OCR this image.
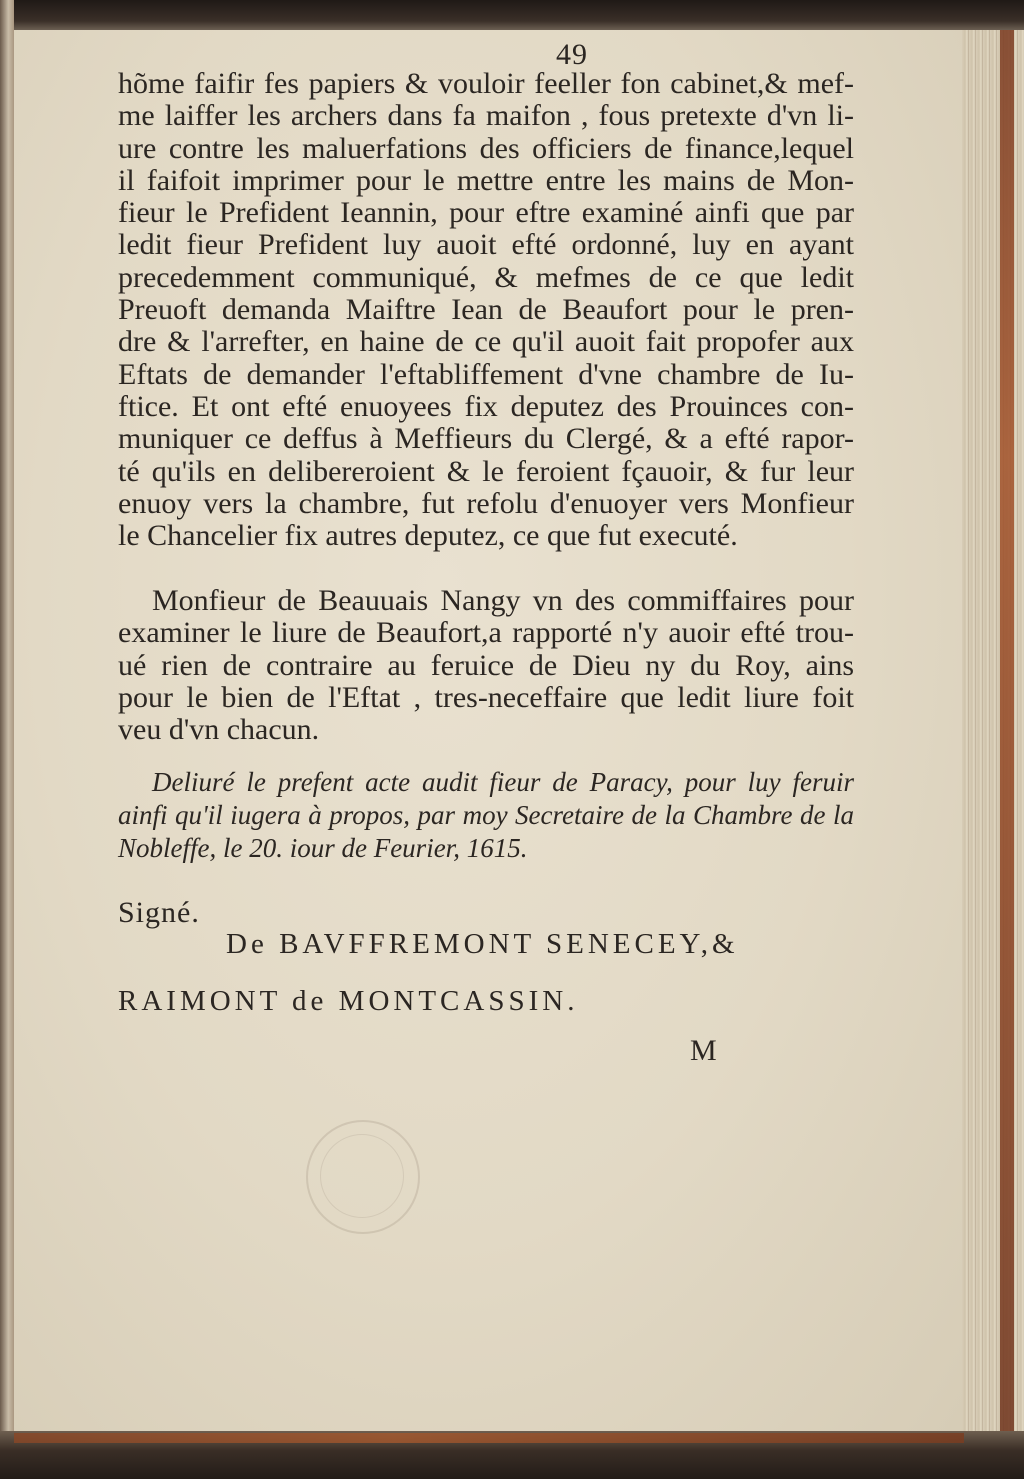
49
hõme faifir fes papiers & vouloir feeller fon cabinet,& mef-
me laiffer les archers dans fa maifon , fous pretexte d'vn li-
ure contre les maluerfations des officiers de finance,lequel
il faifoit imprimer pour le mettre entre les mains de Mon-
fieur le Prefident Ieannin, pour eftre examiné ainfi que par
ledit fieur Prefident luy auoit efté ordonné, luy en ayant
precedemment communiqué, & mefmes de ce que ledit
Preuoft demanda Maiftre Iean de Beaufort pour le pren-
dre & l'arrefter, en haine de ce qu'il auoit fait propofer aux
Eftats de demander l'eftabliffement d'vne chambre de Iu-
ftice. Et ont efté enuoyees fix deputez des Prouinces con-
muniquer ce deffus à Meffieurs du Clergé, & a efté rapor-
té qu'ils en delibereroient & le feroient fçauoir, & fur leur
enuoy vers la chambre, fut refolu d'enuoyer vers Monfieur
le Chancelier fix autres deputez, ce que fut executé.
Monfieur de Beauuais Nangy vn des commiffaires pour
examiner le liure de Beaufort,a rapporté n'y auoir efté trou-
ué rien de contraire au feruice de Dieu ny du Roy, ains
pour le bien de l'Eftat , tres-neceffaire que ledit liure foit
veu d'vn chacun.
Deliuré le prefent acte audit fieur de Paracy, pour luy feruir
ainfi qu'il iugera à propos, par moy Secretaire de la Chambre de la
Nobleffe, le 20. iour de Feurier, 1615.
Signé.
De BAVFFREMONT SENECEY,&
RAIMONT de MONTCASSIN.
M
